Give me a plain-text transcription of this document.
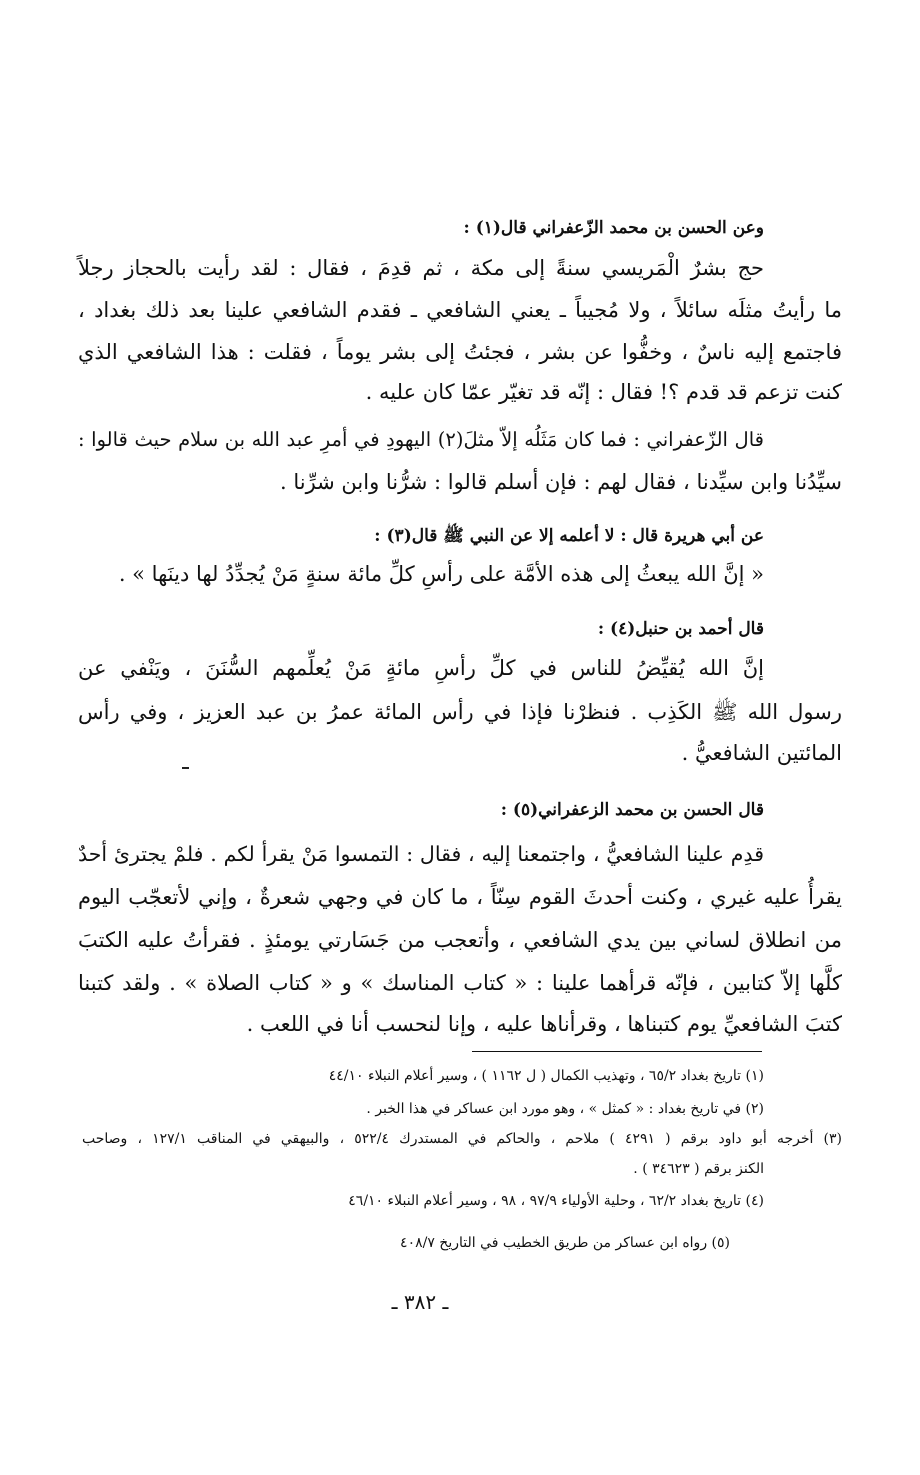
وعن الحسن بن محمد الزّعفراني قال(١) :
حج بشرٌ الْمَريسي سنةً إلى مكة ، ثم قدِمَ ، فقال : لقد رأيت بالحجاز رجلاً
ما رأيتُ مثلَه سائلاً ، ولا مُجيباً ـ يعني الشافعي ـ فقدم الشافعي علينا بعد ذلك بغداد ،
فاجتمع إليه ناسٌ ، وخفُّوا عن بشر ، فجئتُ إلى بشر يوماً ، فقلت : هذا الشافعي الذي
كنت تزعم قد قدم ؟! فقال : إنّه قد تغيّر عمّا كان عليه .
قال الزّعفراني : فما كان مَثَلُه إلاّ مثلَ(٢) اليهودِ في أمرِ عبد الله بن سلام حيث قالوا :
سيِّدُنا وابن سيِّدنا ، فقال لهم : فإن أسلم قالوا : شرُّنا وابن شرِّنا .
عن أبي هريرة قال : لا أعلمه إلا عن النبي ﷺ قال(٣) :
« إنَّ الله يبعثُ إلى هذه الأمَّة على رأسِ كلِّ مائة سنةٍ مَنْ يُجدِّدُ لها دينَها » .
قال أحمد بن حنبل(٤) :
إنَّ الله يُقيِّضُ للناس في كلِّ رأسِ مائةٍ مَنْ يُعلِّمهم السُّنَنَ ، ويَنْفي عن
رسول الله ﷺ الكَذِب . فنظرْنا فإذا في رأس المائة عمرُ بن عبد العزيز ، وفي رأس
المائتين الشافعيُّ .
قال الحسن بن محمد الزعفراني(٥) :
قدِم علينا الشافعيُّ ، واجتمعنا إليه ، فقال : التمسوا مَنْ يقرأ لكم . فلمْ يجترئ أحدٌ
يقرأُ عليه غيري ، وكنت أحدثَ القوم سِنّاً ، ما كان في وجهي شعرةٌ ، وإني لأتعجّب اليوم
من انطلاق لساني بين يدي الشافعي ، وأتعجب من جَسَارتي يومئذٍ . فقرأتُ عليه الكتبَ
كلَّها إلاّ كتابين ، فإنّه قرأهما علينا : « كتاب المناسك » و « كتاب الصلاة » . ولقد كتبنا
كتبَ الشافعيِّ يوم كتبناها ، وقرأناها عليه ، وإنا لنحسب أنا في اللعب .
(١) تاريخ بغداد ٦٥/٢ ، وتهذيب الكمال ( ل ١١٦٢ ) ، وسير أعلام النبلاء ٤٤/١٠
(٢) في تاريخ بغداد : « كمثل » ، وهو مورد ابن عساكر في هذا الخبر .
(٣) أخرجه أبو داود برقم ( ٤٢٩١ ) ملاحم ، والحاكم في المستدرك ٥٢٢/٤ ، والبيهقي في المناقب ١٢٧/١ ، وصاحب
الكنز برقم ( ٣٤٦٢٣ ) .
(٤) تاريخ بغداد ٦٢/٢ ، وحلية الأولياء ٩٧/٩ ، ٩٨ ، وسير أعلام النبلاء ٤٦/١٠
(٥) رواه ابن عساكر من طريق الخطيب في التاريخ ٤٠٨/٧
ـ ٣٨٢ ـ
